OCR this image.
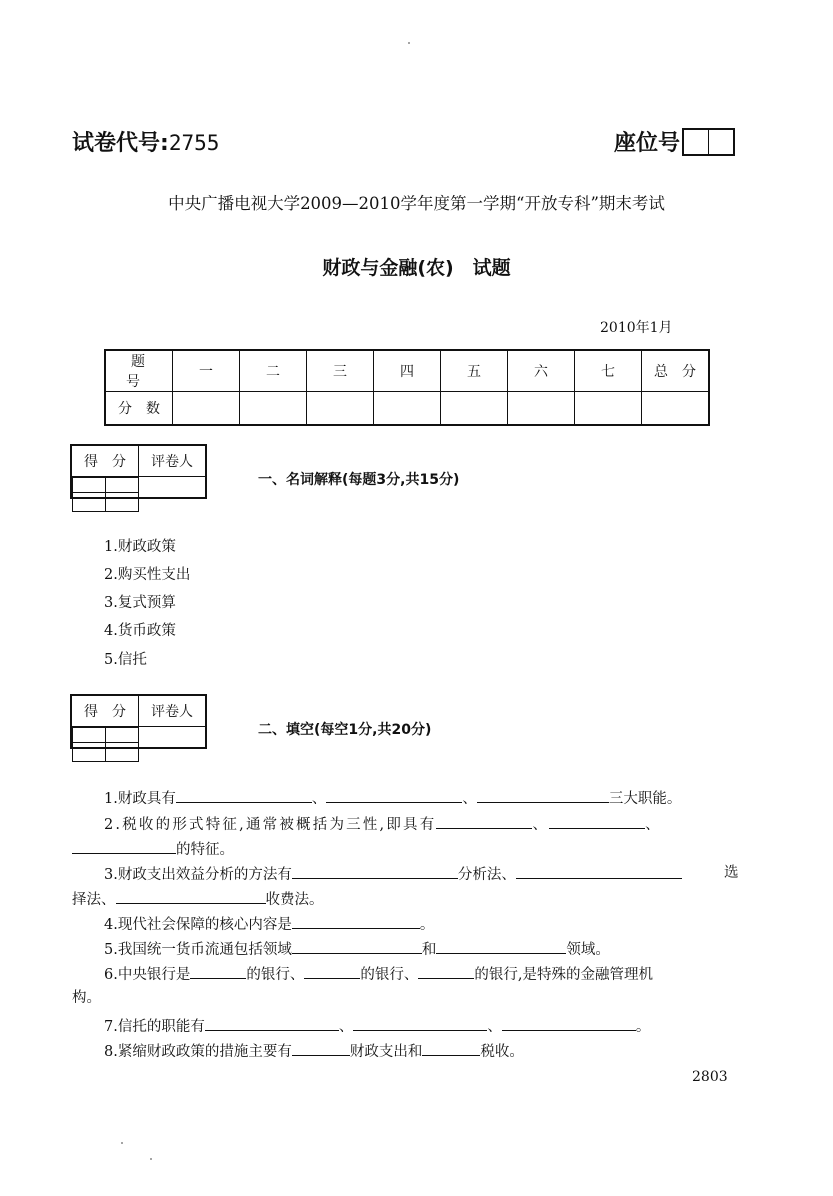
试卷代号:2755	座位号
中央广播电视大学2009—2010学年度第一学期“开放专科”期末考试
财政与金融(农)　试题
2010年1月
题　号	一	二	三	四	五	六	七	总　分
分　数								
得　分	评卷人

一、名词解释(每题3分,共15分)
1.财政政策
2.购买性支出
3.复式预算
4.货币政策
5.信托
得　分	评卷人

二、填空(每空1分,共20分)
1.财政具有	、	、	三大职能。
2.税收的形式特征,通常被概括为三性,即具有	、	、
的特征。
3.财政支出效益分析的方法有	分析法、	选
择法、	收费法。
4.现代社会保障的核心内容是	。
5.我国统一货币流通包括领域	和	领域。
6.中央银行是	的银行、	的银行、	的银行,是特殊的金融管理机
构。
7.信托的职能有	、	、	。
8.紧缩财政政策的措施主要有	财政支出和	税收。
2803
